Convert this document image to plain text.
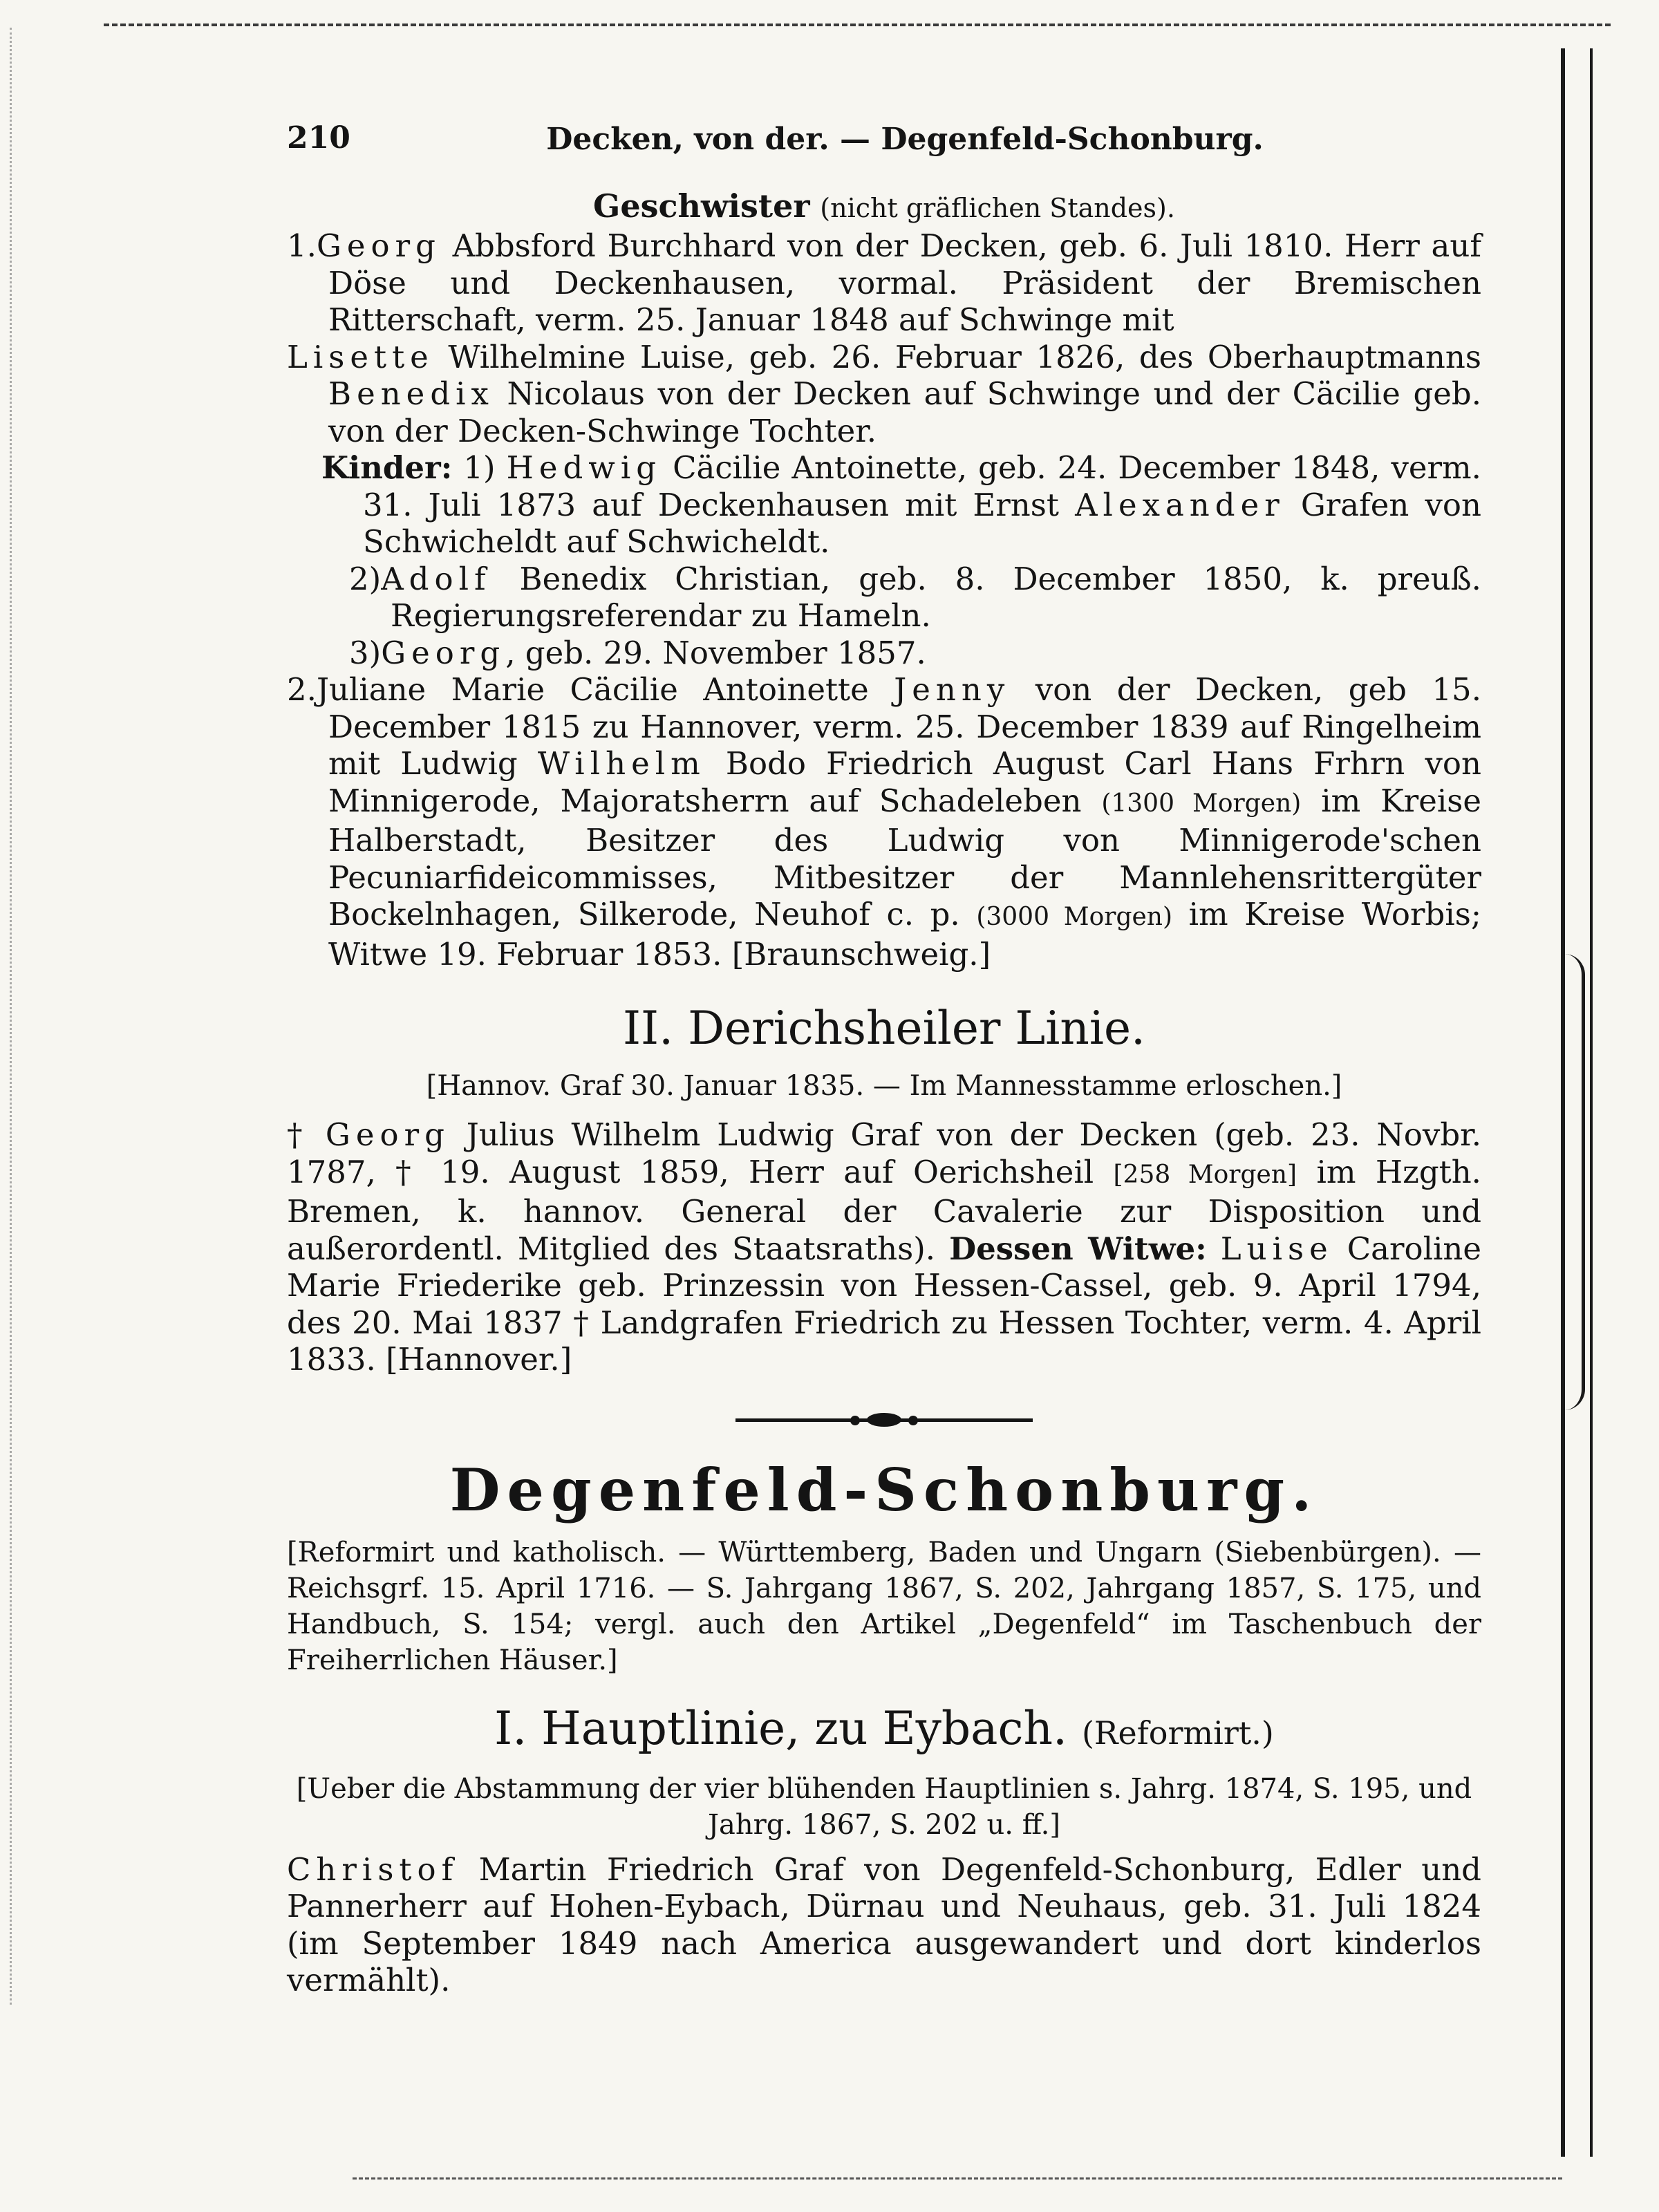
210	Decken, von der. — Degenfeld-Schonburg.

Geschwister (nicht gräflichen Standes).

1.Georg Abbsford Burchhard von der Decken, geb. 6. Juli 1810. Herr auf Döse und Deckenhausen, vormal. Präsident der Bremischen Ritterschaft, verm. 25. Januar 1848 auf Schwinge mit

Lisette Wilhelmine Luise, geb. 26. Februar 1826, des Oberhauptmanns Benedix Nicolaus von der Decken auf Schwinge und der Cäcilie geb. von der Decken-Schwinge Tochter.

Kinder: 1) Hedwig Cäcilie Antoinette, geb. 24. December 1848, verm. 31. Juli 1873 auf Deckenhausen mit Ernst Alexander Grafen von Schwicheldt auf Schwicheldt.

2)Adolf Benedix Christian, geb. 8. December 1850, k. preuß. Regierungsreferendar zu Hameln.

3)Georg, geb. 29. November 1857.

2.Juliane Marie Cäcilie Antoinette Jenny von der Decken, geb 15. December 1815 zu Hannover, verm. 25. December 1839 auf Ringelheim mit Ludwig Wilhelm Bodo Friedrich August Carl Hans Frhrn von Minnigerode, Majoratsherrn auf Schadeleben (1300 Morgen) im Kreise Halberstadt, Besitzer des Ludwig von Minnigerode'schen Pecuniarfideicommisses, Mitbesitzer der Mannlehensrittergüter Bockelnhagen, Silkerode, Neuhof c. p. (3000 Morgen) im Kreise Worbis; Witwe 19. Februar 1853. [Braunschweig.]

II. Derichsheiler Linie.

[Hannov. Graf 30. Januar 1835. — Im Mannesstamme erloschen.]

† Georg Julius Wilhelm Ludwig Graf von der Decken (geb. 23. Novbr. 1787, † 19. August 1859, Herr auf Oerichsheil [258 Morgen] im Hzgth. Bremen, k. hannov. General der Cavalerie zur Disposition und außerordentl. Mitglied des Staatsraths). Dessen Witwe: Luise Caroline Marie Friederike geb. Prinzessin von Hessen-Cassel, geb. 9. April 1794, des 20. Mai 1837 † Landgrafen Friedrich zu Hessen Tochter, verm. 4. April 1833. [Hannover.]

Degenfeld-Schonburg.

[Reformirt und katholisch. — Württemberg, Baden und Ungarn (Siebenbürgen). — Reichsgrf. 15. April 1716. — S. Jahrgang 1867, S. 202, Jahrgang 1857, S. 175, und Handbuch, S. 154; vergl. auch den Artikel „Degenfeld“ im Taschenbuch der Freiherrlichen Häuser.]

I. Hauptlinie, zu Eybach. (Reformirt.)

[Ueber die Abstammung der vier blühenden Hauptlinien s. Jahrg. 1874, S. 195, und Jahrg. 1867, S. 202 u. ff.]

Christof Martin Friedrich Graf von Degenfeld-Schonburg, Edler und Pannerherr auf Hohen-Eybach, Dürnau und Neuhaus, geb. 31. Juli 1824 (im September 1849 nach America ausgewandert und dort kinderlos vermählt).
